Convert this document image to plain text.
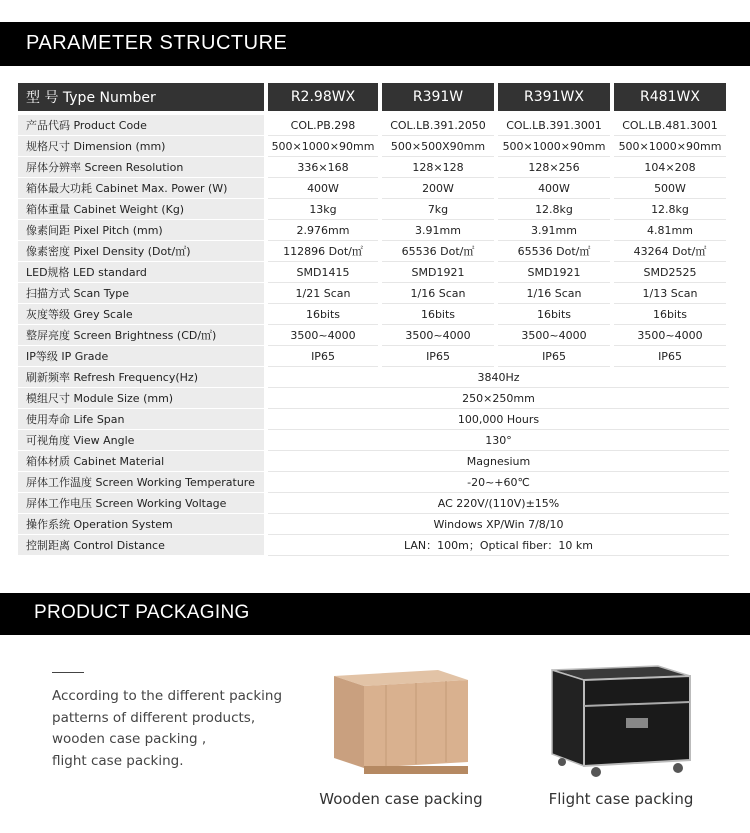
PARAMETER STRUCTURE
型 号 Type Number	R2.98WX	R391W	R391WX	R481WX
产品代码 Product Code	COL.PB.298	COL.LB.391.2050	COL.LB.391.3001	COL.LB.481.3001
规格尺寸 Dimension (mm)	500×1000×90mm	500×500X90mm	500×1000×90mm	500×1000×90mm
屏体分辨率 Screen Resolution	336×168	128×128	128×256	104×208
箱体最大功耗 Cabinet Max. Power (W)	400W	200W	400W	500W
箱体重量 Cabinet Weight (Kg)	13kg	7kg	12.8kg	12.8kg
像素间距 Pixel Pitch (mm)	2.976mm	3.91mm	3.91mm	4.81mm
像素密度 Pixel Density (Dot/㎡)	112896 Dot/㎡	65536 Dot/㎡	65536 Dot/㎡	43264 Dot/㎡
LED规格 LED standard	SMD1415	SMD1921	SMD1921	SMD2525
扫描方式 Scan Type	1/21 Scan	1/16 Scan	1/16 Scan	1/13 Scan
灰度等级 Grey Scale	16bits	16bits	16bits	16bits
整屏亮度 Screen Brightness (CD/㎡)	3500~4000	3500~4000	3500~4000	3500~4000
IP等级 IP Grade	IP65	IP65	IP65	IP65
刷新频率 Refresh Frequency(Hz)	3840Hz
模组尺寸 Module Size (mm)	250×250mm
使用寿命 Life Span	100,000 Hours
可视角度 View Angle	130°
箱体材质 Cabinet Material	Magnesium
屏体工作温度 Screen Working Temperature	-20~+60℃
屏体工作电压 Screen Working Voltage	AC 220V/(110V)±15%
操作系统 Operation System	Windows XP/Win 7/8/10
控制距离 Control Distance	LAN：100m；Optical fiber：10 km
PRODUCT PACKAGING
According to the different packing
patterns of different products,
wooden case packing ,
flight case packing.
Wooden case packing	Flight case packing
